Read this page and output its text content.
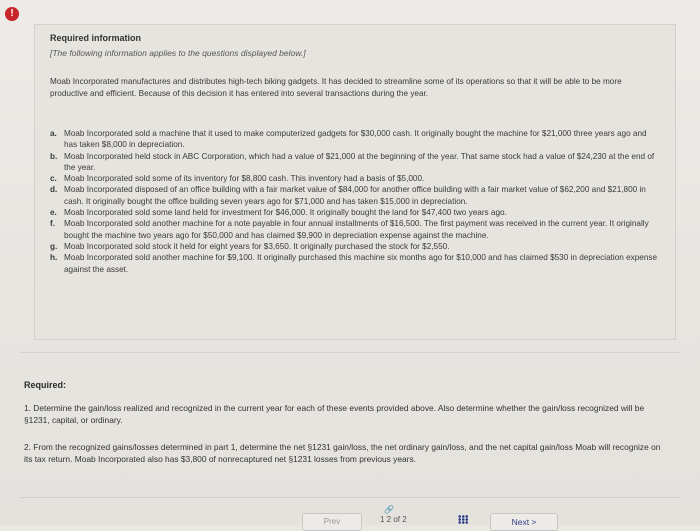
!
Required information
[The following information applies to the questions displayed below.]
Moab Incorporated manufactures and distributes high-tech biking gadgets. It has decided to streamline some of its operations so that it will be able to be more productive and efficient. Because of this decision it has entered into several transactions during the year.
a. Moab Incorporated sold a machine that it used to make computerized gadgets for $30,000 cash. It originally bought the machine for $21,000 three years ago and has taken $8,000 in depreciation.
b. Moab Incorporated held stock in ABC Corporation, which had a value of $21,000 at the beginning of the year. That same stock had a value of $24,230 at the end of the year.
c. Moab Incorporated sold some of its inventory for $8,800 cash. This inventory had a basis of $5,000.
d. Moab Incorporated disposed of an office building with a fair market value of $84,000 for another office building with a fair market value of $62,200 and $21,800 in cash. It originally bought the office building seven years ago for $71,000 and has taken $15,000 in depreciation.
e. Moab Incorporated sold some land held for investment for $46,000. It originally bought the land for $47,400 two years ago.
f. Moab Incorporated sold another machine for a note payable in four annual installments of $16,500. The first payment was received in the current year. It originally bought the machine two years ago for $50,000 and has claimed $9,900 in depreciation expense against the machine.
g. Moab Incorporated sold stock it held for eight years for $3,650. It originally purchased the stock for $2,550.
h. Moab Incorporated sold another machine for $9,100. It originally purchased this machine six months ago for $10,000 and has claimed $530 in depreciation expense against the asset.
Required:
1. Determine the gain/loss realized and recognized in the current year for each of these events provided above. Also determine whether the gain/loss recognized will be §1231, capital, or ordinary.
2. From the recognized gains/losses determined in part 1, determine the net §1231 gain/loss, the net ordinary gain/loss, and the net capital gain/loss Moab will recognize on its tax return. Moab Incorporated also has $3,800 of nonrecaptured net §1231 losses from previous years.
Prev
🔗
1 2 of 2	Next >
